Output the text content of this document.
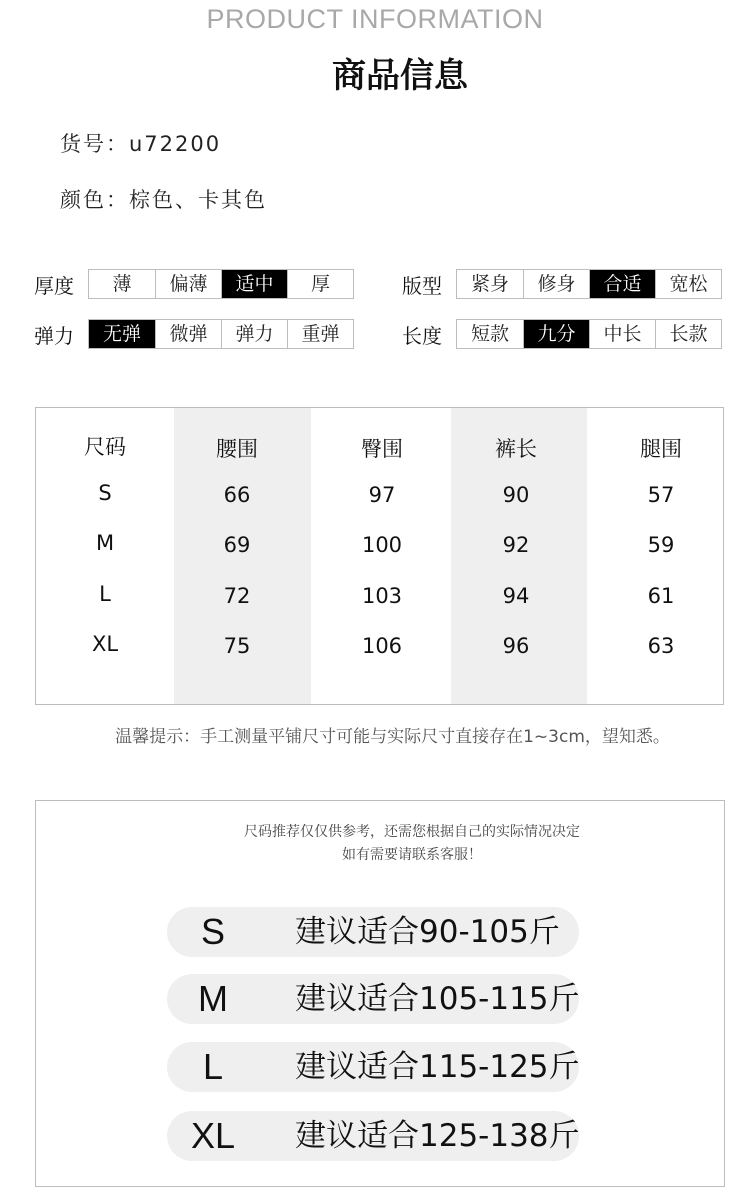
PRODUCT INFORMATION
商品信息
货号：u72200
颜色：棕色、卡其色
厚度	薄	偏薄	适中	厚	版型	紧身	修身	合适	宽松
弹力	无弹	微弹	弹力	重弹	长度	短款	九分	中长	长款
尺码	腰围	臀围	裤长	腿围
S	66	97	90	57
M	69	100	92	59
L	72	103	94	61
XL	75	106	96	63
温馨提示：手工测量平铺尺寸可能与实际尺寸直接存在1~3cm，望知悉。
尺码推荐仅仅供参考，还需您根据自己的实际情况决定
如有需要请联系客服！
S	建议适合90-105斤
M	建议适合105-115斤
L	建议适合115-125斤
XL	建议适合125-138斤
